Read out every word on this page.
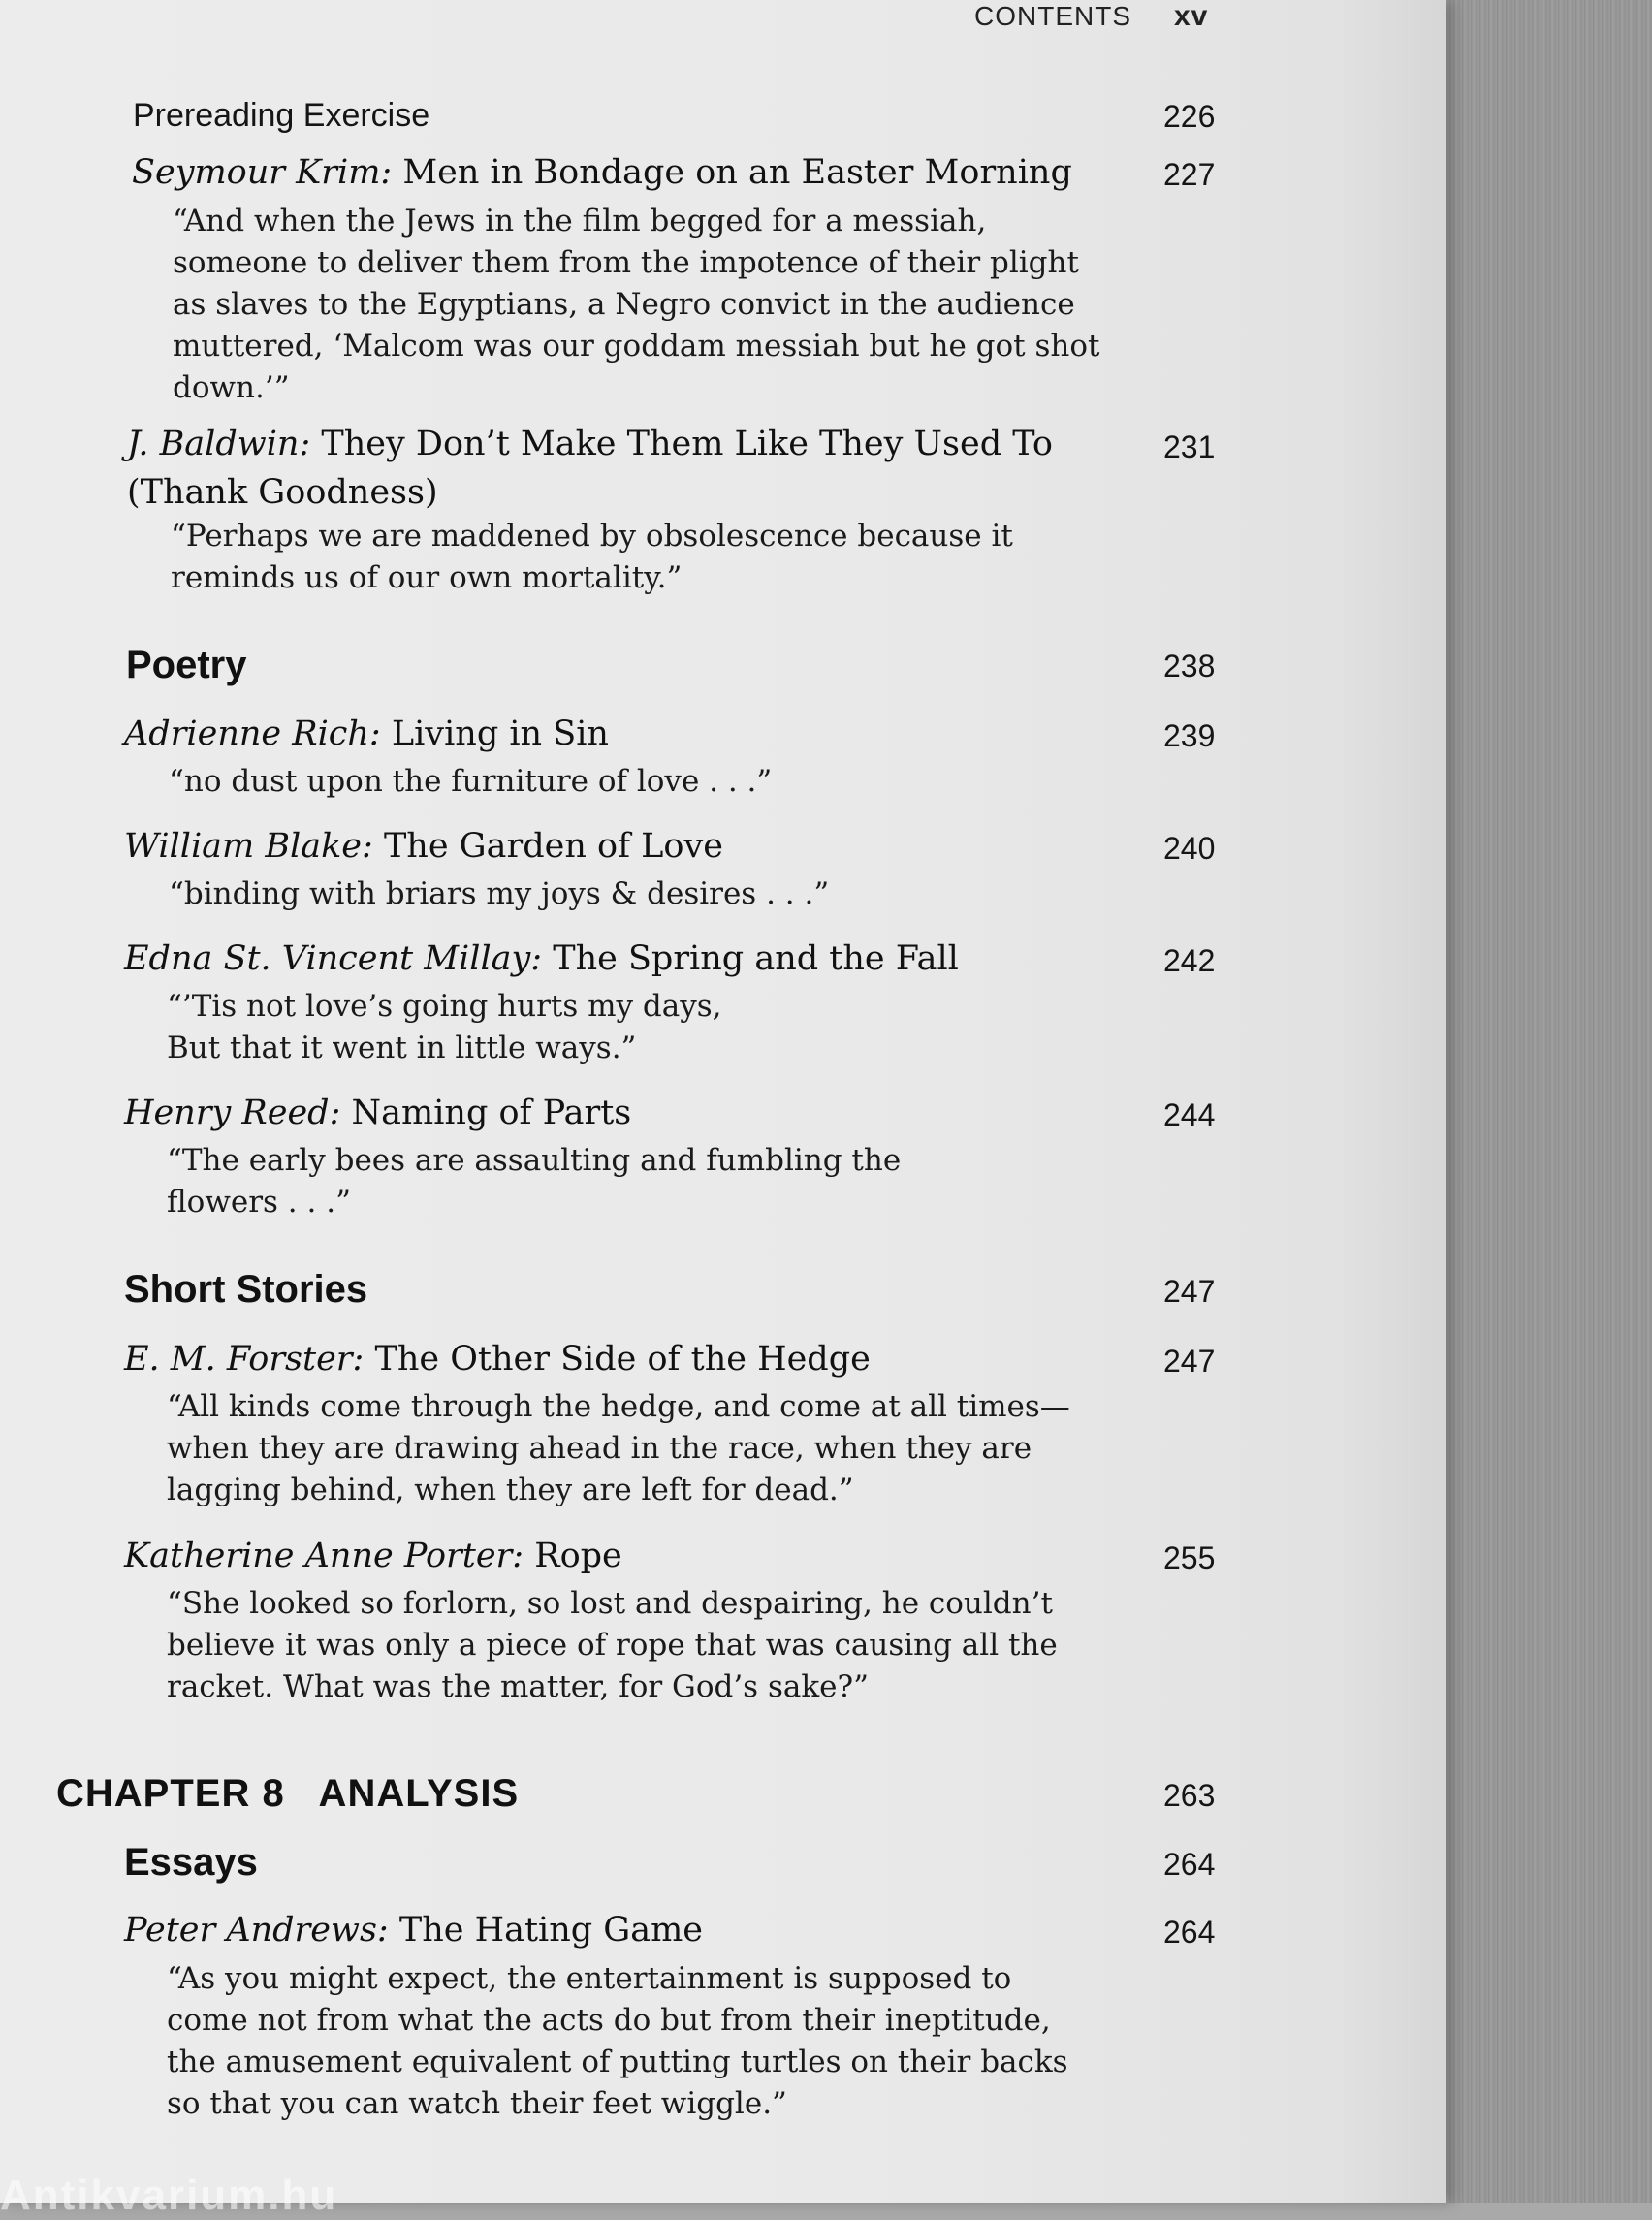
CONTENTS xv
Prereading Exercise	226
Seymour Krim: Men in Bondage on an Easter Morning	227
“And when the Jews in the film begged for a messiah,
someone to deliver them from the impotence of their plight
as slaves to the Egyptians, a Negro convict in the audience
muttered, ‘Malcom was our goddam messiah but he got shot
down.’”
J. Baldwin: They Don’t Make Them Like They Used To	231
(Thank Goodness)
“Perhaps we are maddened by obsolescence because it
reminds us of our own mortality.”
Poetry	238
Adrienne Rich: Living in Sin	239
“no dust upon the furniture of love . . .”
William Blake: The Garden of Love	240
“binding with briars my joys & desires . . .”
Edna St. Vincent Millay: The Spring and the Fall	242
“’Tis not love’s going hurts my days,
But that it went in little ways.”
Henry Reed: Naming of Parts	244
“The early bees are assaulting and fumbling the
flowers . . .”
Short Stories	247
E. M. Forster: The Other Side of the Hedge	247
“All kinds come through the hedge, and come at all times—
when they are drawing ahead in the race, when they are
lagging behind, when they are left for dead.”
Katherine Anne Porter: Rope	255
“She looked so forlorn, so lost and despairing, he couldn’t
believe it was only a piece of rope that was causing all the
racket. What was the matter, for God’s sake?”
CHAPTER 8   ANALYSIS	263
Essays	264
Peter Andrews: The Hating Game	264
“As you might expect, the entertainment is supposed to
come not from what the acts do but from their ineptitude,
the amusement equivalent of putting turtles on their backs
so that you can watch their feet wiggle.”
Antikvarium.hu
